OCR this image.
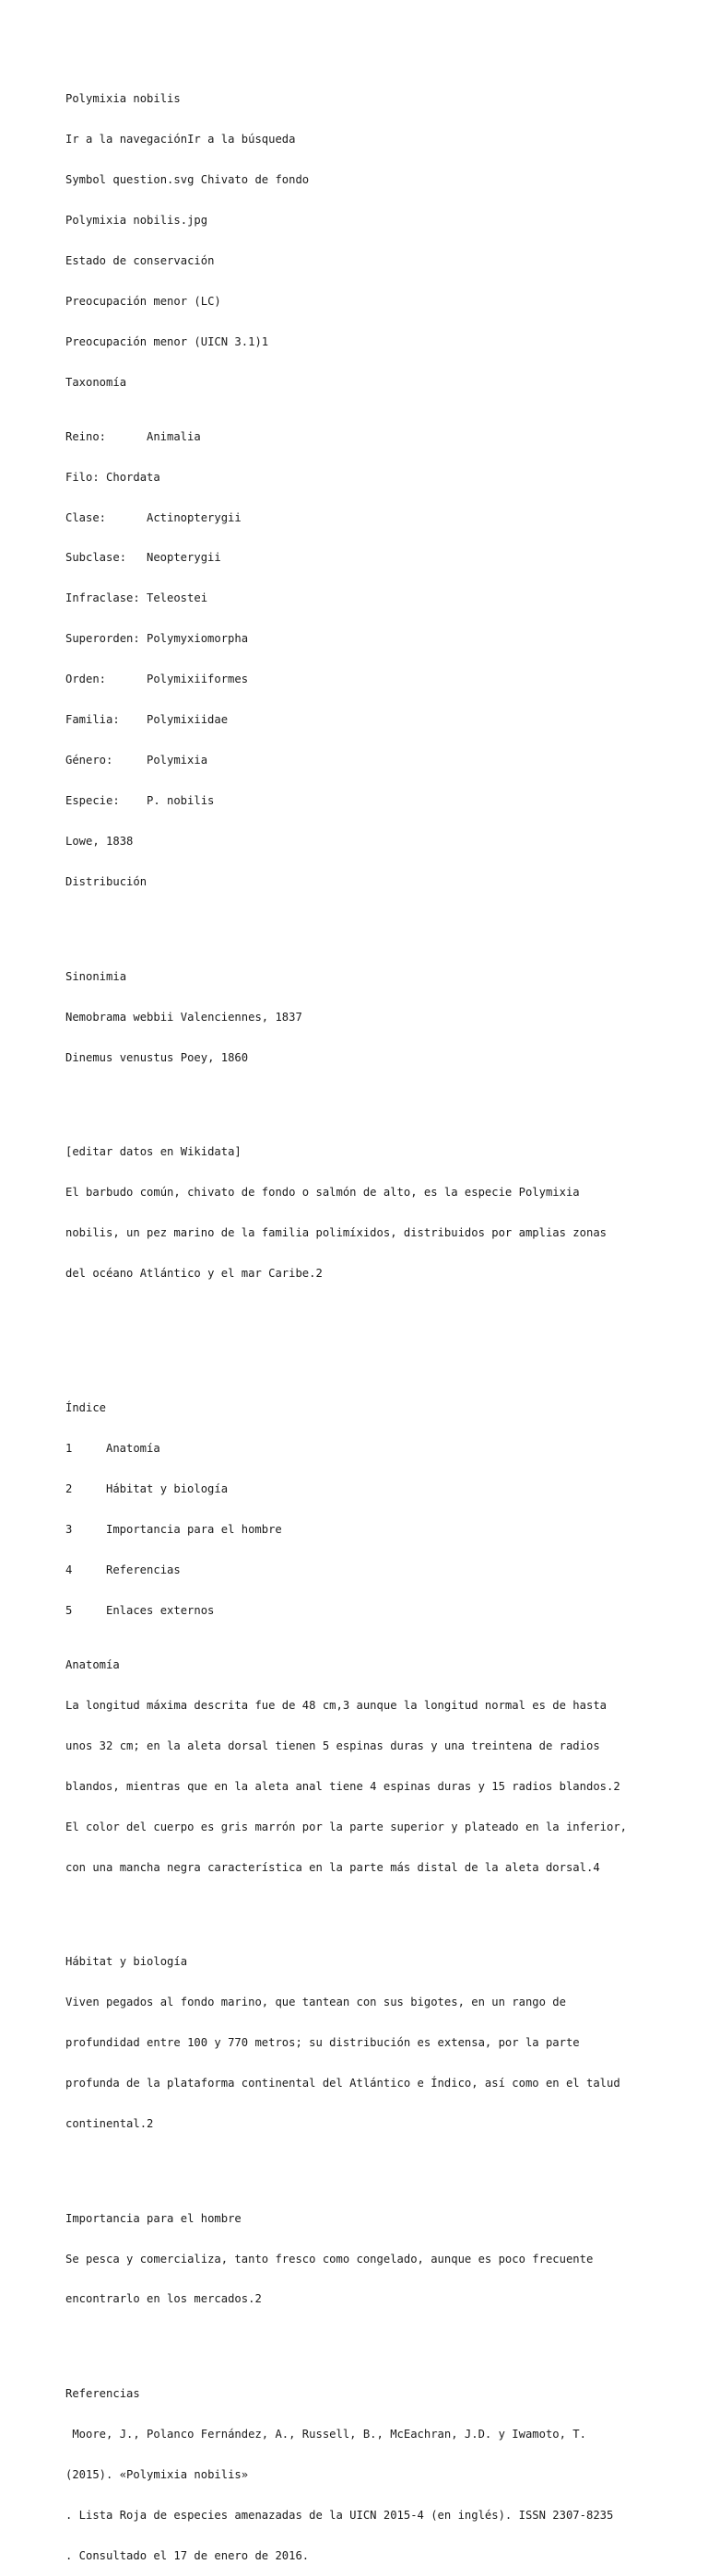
Polymixia nobilis

Ir a la navegaciónIr a la búsqueda

Symbol question.svg Chivato de fondo

Polymixia nobilis.jpg

Estado de conservación

Preocupación menor (LC)

Preocupación menor (UICN 3.1)1

Taxonomía

Reino:	Animalia

Filo: Chordata

Clase:	Actinopterygii

Subclase: Neopterygii

Infraclase: Teleostei

Superorden: Polymyxiomorpha

Orden:	Polymixiiformes

Familia: Polymixiidae

Género:	Polymixia

Especie: P. nobilis

Lowe, 1838

Distribución

Sinonimia

Nemobrama webbii Valenciennes, 1837

Dinemus venustus Poey, 1860

[editar datos en Wikidata]

El barbudo común, chivato de fondo o salmón de alto, es la especie Polymixia

nobilis, un pez marino de la familia polimíxidos, distribuidos por amplias zonas

del océano Atlántico y el mar Caribe.2

Índice

1	Anatomía

2	Hábitat y biología

3	Importancia para el hombre

4	Referencias

5	Enlaces externos

Anatomía

La longitud máxima descrita fue de 48 cm,3 aunque la longitud normal es de hasta

unos 32 cm; en la aleta dorsal tienen 5 espinas duras y una treintena de radios

blandos, mientras que en la aleta anal tiene 4 espinas duras y 15 radios blandos.2

El color del cuerpo es gris marrón por la parte superior y plateado en la inferior,

con una mancha negra característica en la parte más distal de la aleta dorsal.4

Hábitat y biología

Viven pegados al fondo marino, que tantean con sus bigotes, en un rango de

profundidad entre 100 y 770 metros; su distribución es extensa, por la parte

profunda de la plataforma continental del Atlántico e Índico, así como en el talud

continental.2

Importancia para el hombre

Se pesca y comercializa, tanto fresco como congelado, aunque es poco frecuente

encontrarlo en los mercados.2

Referencias

Moore, J., Polanco Fernández, A., Russell, B., McEachran, J.D. y Iwamoto, T.

(2015). «Polymixia nobilis»

. Lista Roja de especies amenazadas de la UICN 2015-4 (en inglés). ISSN 2307-8235

. Consultado el 17 de enero de 2016.
